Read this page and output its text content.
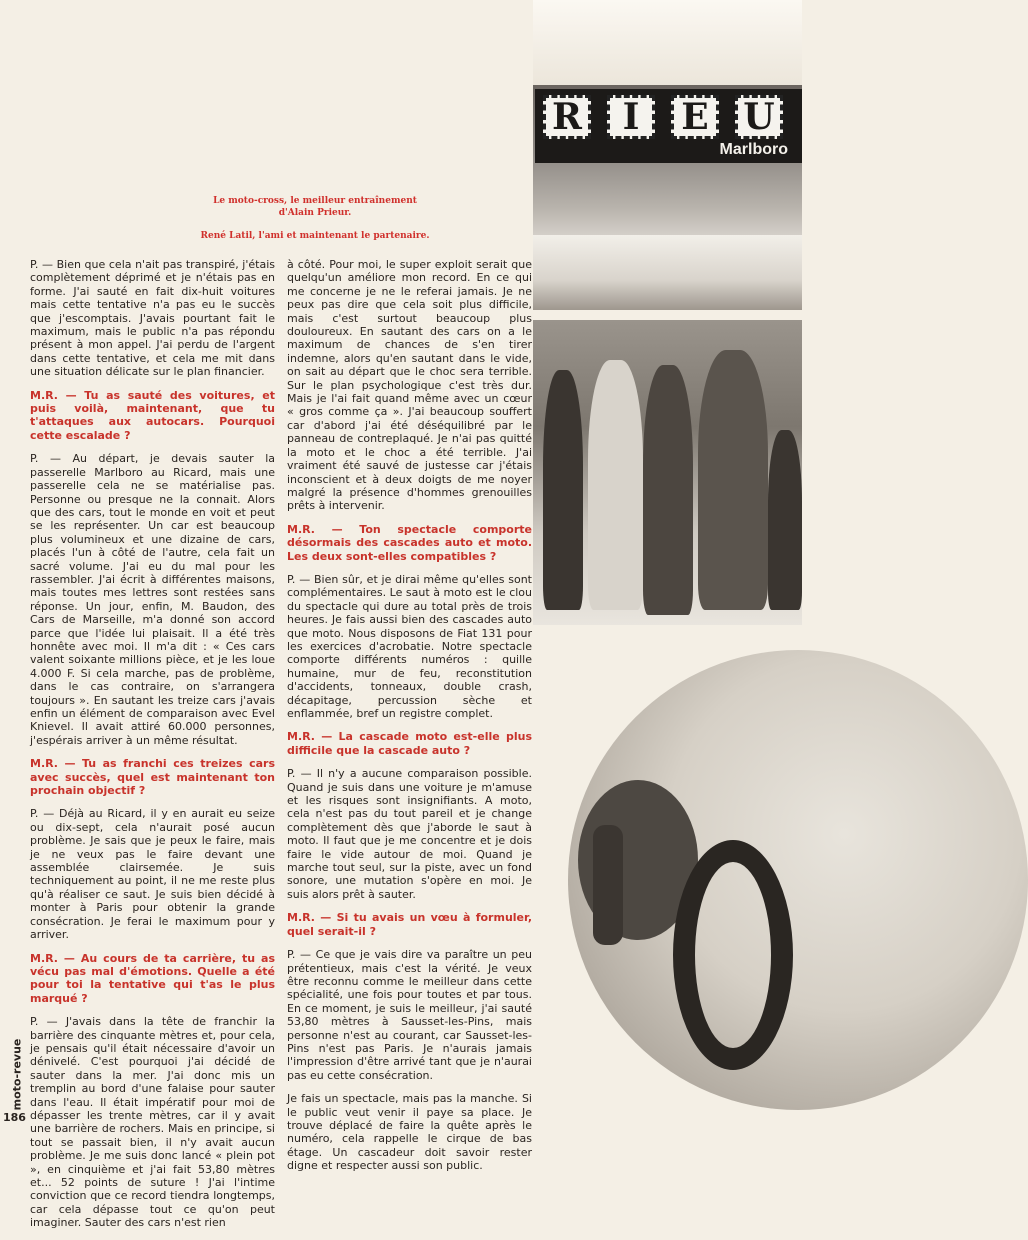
R	I	E U
Marlboro
Le moto-cross, le meilleur entraînement
d'Alain Prieur.
René Latil, l'ami et maintenant le partenaire.

P. — Bien que cela n'ait pas transpiré, j'étais complètement déprimé et je n'étais pas en forme. J'ai sauté en fait dix-huit voitures mais cette tentative n'a pas eu le succès que j'escomptais. J'avais pourtant fait le maximum, mais le public n'a pas répondu présent à mon appel. J'ai perdu de l'argent dans cette tentative, et cela me mit dans une situation délicate sur le plan financier.

M.R. — Tu as sauté des voitures, et puis voilà, maintenant, que tu t'attaques aux autocars. Pourquoi cette escalade ?

P. — Au départ, je devais sauter la passerelle Marlboro au Ricard, mais une passerelle cela ne se matérialise pas. Personne ou presque ne la connait. Alors que des cars, tout le monde en voit et peut se les représenter. Un car est beaucoup plus volumineux et une dizaine de cars, placés l'un à côté de l'autre, cela fait un sacré volume. J'ai eu du mal pour les rassembler. J'ai écrit à différentes maisons, mais toutes mes lettres sont restées sans réponse. Un jour, enfin, M. Baudon, des Cars de Marseille, m'a donné son accord parce que l'idée lui plaisait. Il a été très honnête avec moi. Il m'a dit : « Ces cars valent soixante millions pièce, et je les loue 4.000 F. Si cela marche, pas de problème, dans le cas contraire, on s'arrangera toujours ». En sautant les treize cars j'avais enfin un élément de comparaison avec Evel Knievel. Il avait attiré 60.000 personnes, j'espérais arriver à un même résultat.

M.R. — Tu as franchi ces treizes cars avec succès, quel est maintenant ton prochain objectif ?

P. — Déjà au Ricard, il y en aurait eu seize ou dix-sept, cela n'aurait posé aucun problème. Je sais que je peux le faire, mais je ne veux pas le faire devant une assemblée clairsemée. Je suis techniquement au point, il ne me reste plus qu'à réaliser ce saut. Je suis bien décidé à monter à Paris pour obtenir la grande consécration. Je ferai le maximum pour y arriver.

M.R. — Au cours de ta carrière, tu as vécu pas mal d'émotions. Quelle a été pour toi la tentative qui t'as le plus marqué ?

P. — J'avais dans la tête de franchir la barrière des cinquante mètres et, pour cela, je pensais qu'il était nécessaire d'avoir un dénivelé. C'est pourquoi j'ai décidé de sauter dans la mer. J'ai donc mis un tremplin au bord d'une falaise pour sauter dans l'eau. Il était impératif pour moi de dépasser les trente mètres, car il y avait une barrière de rochers. Mais en principe, si tout se passait bien, il n'y avait aucun problème. Je me suis donc lancé « plein pot », en cinquième et j'ai fait 53,80 mètres et... 52 points de suture ! J'ai l'intime conviction que ce record tiendra longtemps, car cela dépasse tout ce qu'on peut imaginer. Sauter des cars n'est rien

à côté. Pour moi, le super exploit serait que quelqu'un améliore mon record. En ce qui me concerne je ne le referai jamais. Je ne peux pas dire que cela soit plus difficile, mais c'est surtout beaucoup plus douloureux. En sautant des cars on a le maximum de chances de s'en tirer indemne, alors qu'en sautant dans le vide, on sait au départ que le choc sera terrible. Sur le plan psychologique c'est très dur. Mais je l'ai fait quand même avec un cœur « gros comme ça ». J'ai beaucoup souffert car d'abord j'ai été déséquilibré par le panneau de contreplaqué. Je n'ai pas quitté la moto et le choc a été terrible. J'ai vraiment été sauvé de justesse car j'étais inconscient et à deux doigts de me noyer malgré la présence d'hommes grenouilles prêts à intervenir.

M.R. — Ton spectacle comporte désormais des cascades auto et moto. Les deux sont-elles compatibles ?

P. — Bien sûr, et je dirai même qu'elles sont complémentaires. Le saut à moto est le clou du spectacle qui dure au total près de trois heures. Je fais aussi bien des cascades auto que moto. Nous disposons de Fiat 131 pour les exercices d'acrobatie. Notre spectacle comporte différents numéros : quille humaine, mur de feu, reconstitution d'accidents, tonneaux, double crash, décapitage, percussion sèche et enflammée, bref un registre complet.

M.R. — La cascade moto est-elle plus difficile que la cascade auto ?

P. — Il n'y a aucune comparaison possible. Quand je suis dans une voiture je m'amuse et les risques sont insignifiants. A moto, cela n'est pas du tout pareil et je change complètement dès que j'aborde le saut à moto. Il faut que je me concentre et je dois faire le vide autour de moi. Quand je marche tout seul, sur la piste, avec un fond sonore, une mutation s'opère en moi. Je suis alors prêt à sauter.

M.R. — Si tu avais un vœu à formuler, quel serait-il ?

P. — Ce que je vais dire va paraître un peu prétentieux, mais c'est la vérité. Je veux être reconnu comme le meilleur dans cette spécialité, une fois pour toutes et par tous. En ce moment, je suis le meilleur, j'ai sauté 53,80 mètres à Sausset-les-Pins, mais personne n'est au courant, car Sausset-les-Pins n'est pas Paris. Je n'aurais jamais l'impression d'être arrivé tant que je n'aurai pas eu cette consécration.

Je fais un spectacle, mais pas la manche. Si le public veut venir il paye sa place. Je trouve déplacé de faire la quête après le numéro, cela rappelle le cirque de bas étage. Un cascadeur doit savoir rester digne et respecter aussi son public.

moto-revue
186
